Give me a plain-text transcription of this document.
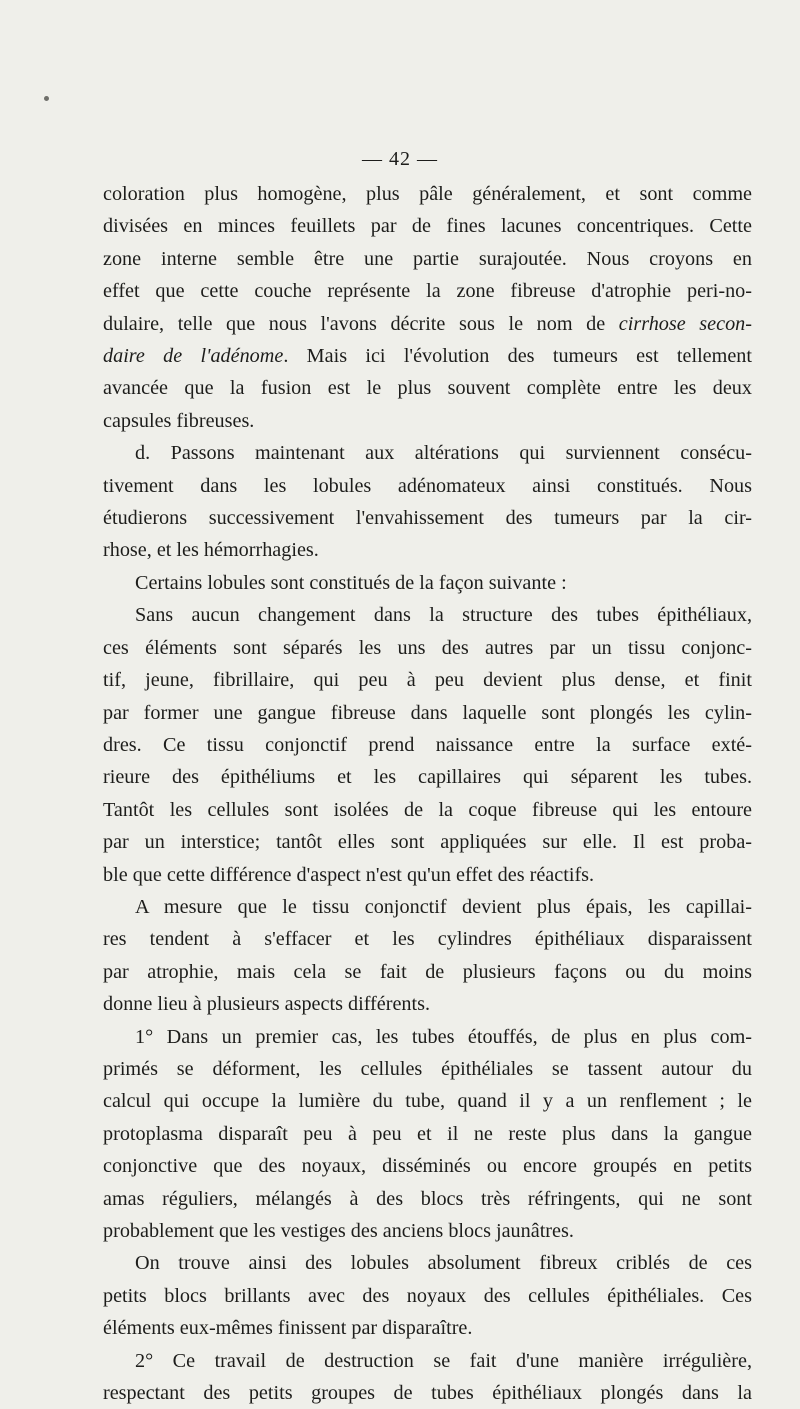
— 42 —

coloration plus homogène, plus pâle généralement, et sont comme
divisées en minces feuillets par de fines lacunes concentriques. Cette
zone interne semble être une partie surajoutée. Nous croyons en
effet que cette couche représente la zone fibreuse d'atrophie peri-no-
dulaire, telle que nous l'avons décrite sous le nom de cirrhose secon-
daire de l'adénome. Mais ici l'évolution des tumeurs est tellement
avancée que la fusion est le plus souvent complète entre les deux
capsules fibreuses.

d. Passons maintenant aux altérations qui surviennent consécu-
tivement dans les lobules adénomateux ainsi constitués. Nous
étudierons successivement l'envahissement des tumeurs par la cir-
rhose, et les hémorrhagies.

Certains lobules sont constitués de la façon suivante :

Sans aucun changement dans la structure des tubes épithéliaux,
ces éléments sont séparés les uns des autres par un tissu conjonc-
tif, jeune, fibrillaire, qui peu à peu devient plus dense, et finit
par former une gangue fibreuse dans laquelle sont plongés les cylin-
dres. Ce tissu conjonctif prend naissance entre la surface exté-
rieure des épithéliums et les capillaires qui séparent les tubes.
Tantôt les cellules sont isolées de la coque fibreuse qui les entoure
par un interstice; tantôt elles sont appliquées sur elle. Il est proba-
ble que cette différence d'aspect n'est qu'un effet des réactifs.

A mesure que le tissu conjonctif devient plus épais, les capillai-
res tendent à s'effacer et les cylindres épithéliaux disparaissent
par atrophie, mais cela se fait de plusieurs façons ou du moins
donne lieu à plusieurs aspects différents.

1° Dans un premier cas, les tubes étouffés, de plus en plus com-
primés se déforment, les cellules épithéliales se tassent autour du
calcul qui occupe la lumière du tube, quand il y a un renflement ; le
protoplasma disparaît peu à peu et il ne reste plus dans la gangue
conjonctive que des noyaux, disséminés ou encore groupés en petits
amas réguliers, mélangés à des blocs très réfringents, qui ne sont
probablement que les vestiges des anciens blocs jaunâtres.

On trouve ainsi des lobules absolument fibreux criblés de ces
petits blocs brillants avec des noyaux des cellules épithéliales. Ces
éléments eux-mêmes finissent par disparaître.

2° Ce travail de destruction se fait d'une manière irrégulière,
respectant des petits groupes de tubes épithéliaux plongés dans la
